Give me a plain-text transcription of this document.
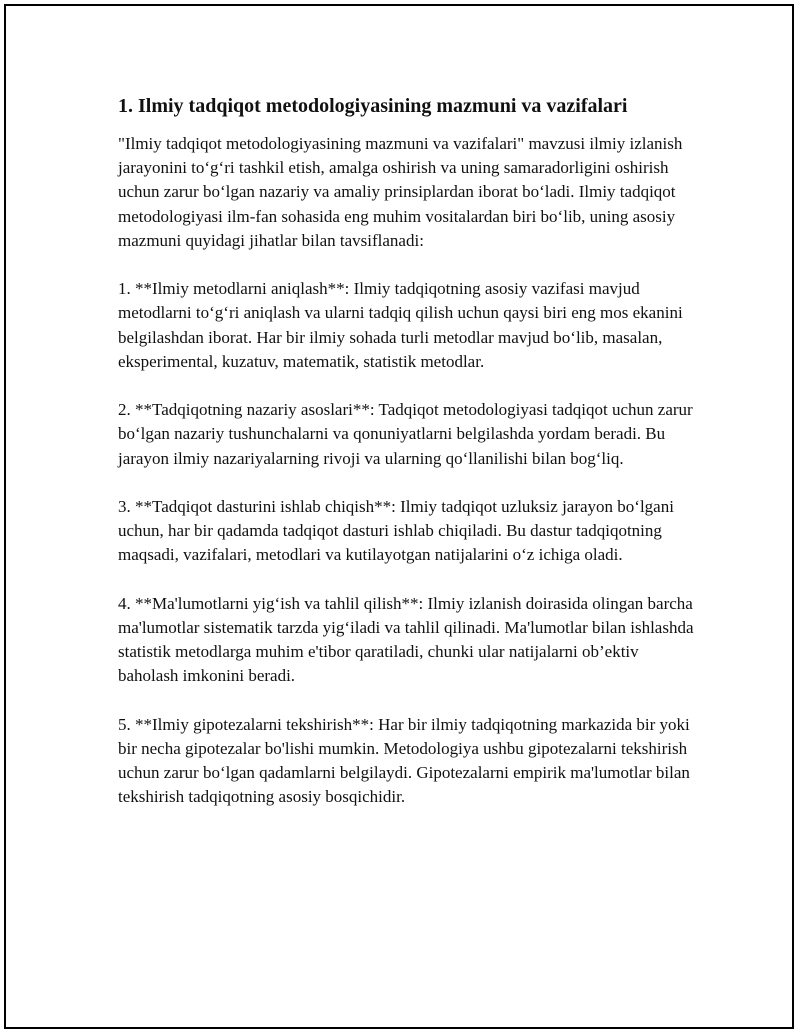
1. Ilmiy tadqiqot metodologiyasining mazmuni va vazifalari

"Ilmiy tadqiqot metodologiyasining mazmuni va vazifalari" mavzusi ilmiy izlanish jarayonini to‘g‘ri tashkil etish, amalga oshirish va uning samaradorligini oshirish uchun zarur bo‘lgan nazariy va amaliy prinsiplardan iborat bo‘ladi. Ilmiy tadqiqot metodologiyasi ilm-fan sohasida eng muhim vositalardan biri bo‘lib, uning asosiy mazmuni quyidagi jihatlar bilan tavsiflanadi:

1. **Ilmiy metodlarni aniqlash**: Ilmiy tadqiqotning asosiy vazifasi mavjud metodlarni to‘g‘ri aniqlash va ularni tadqiq qilish uchun qaysi biri eng mos ekanini belgilashdan iborat. Har bir ilmiy sohada turli metodlar mavjud bo‘lib, masalan, eksperimental, kuzatuv, matematik, statistik metodlar.

2. **Tadqiqotning nazariy asoslari**: Tadqiqot metodologiyasi tadqiqot uchun zarur bo‘lgan nazariy tushunchalarni va qonuniyatlarni belgilashda yordam beradi. Bu jarayon ilmiy nazariyalarning rivoji va ularning qo‘llanilishi bilan bog‘liq.

3. **Tadqiqot dasturini ishlab chiqish**: Ilmiy tadqiqot uzluksiz jarayon bo‘lgani uchun, har bir qadamda tadqiqot dasturi ishlab chiqiladi. Bu dastur tadqiqotning maqsadi, vazifalari, metodlari va kutilayotgan natijalarini o‘z ichiga oladi.

4. **Ma'lumotlarni yig‘ish va tahlil qilish**: Ilmiy izlanish doirasida olingan barcha ma'lumotlar sistematik tarzda yig‘iladi va tahlil qilinadi. Ma'lumotlar bilan ishlashda statistik metodlarga muhim e'tibor qaratiladi, chunki ular natijalarni ob’ektiv baholash imkonini beradi.

5. **Ilmiy gipotezalarni tekshirish**: Har bir ilmiy tadqiqotning markazida bir yoki bir necha gipotezalar bo'lishi mumkin. Metodologiya ushbu gipotezalarni tekshirish uchun zarur bo‘lgan qadamlarni belgilaydi. Gipotezalarni empirik ma'lumotlar bilan tekshirish tadqiqotning asosiy bosqichidir.
